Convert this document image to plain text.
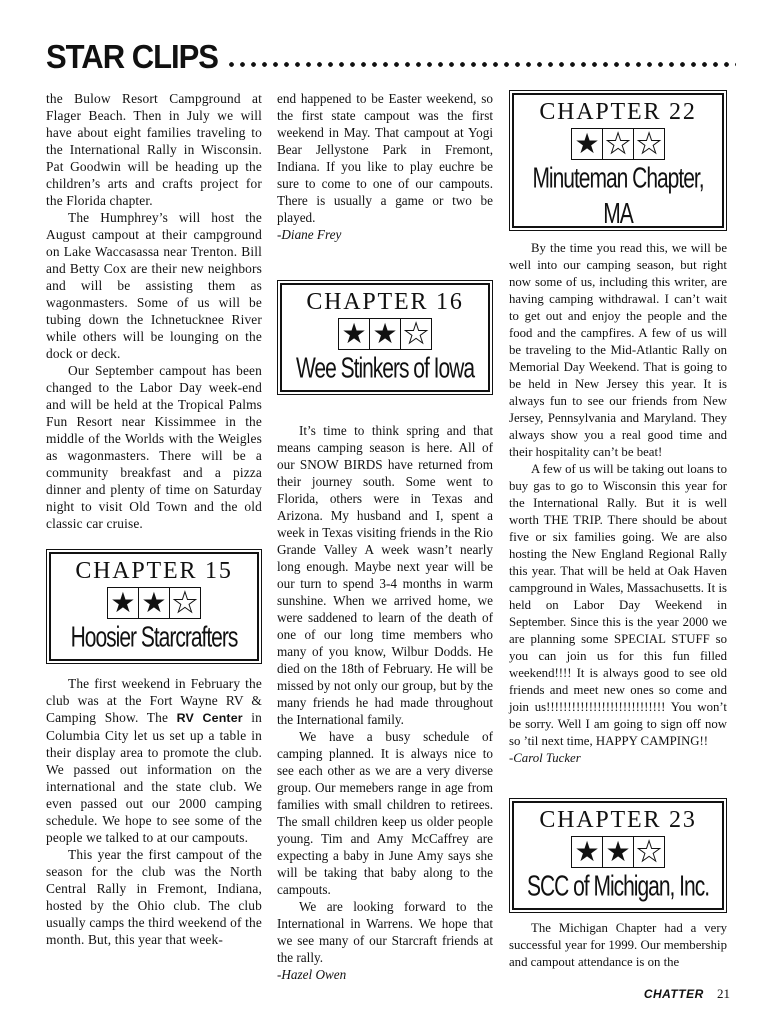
STAR CLIPS

the Bulow Resort Campground at Flager Beach. Then in July we will have about eight families traveling to the International Rally in Wisconsin. Pat Goodwin will be heading up the children’s arts and crafts project for the Florida chapter.

The Humphrey’s will host the August campout at their campground on Lake Waccasassa near Trenton. Bill and Betty Cox are their new neighbors and will be assisting them as wagonmasters. Some of us will be tubing down the Ichnetucknee River while others will be lounging on the dock or deck.

Our September campout has been changed to the Labor Day week-end and will be held at the Tropical Palms Fun Resort near Kissimmee in the middle of the Worlds with the Weigles as wagonmasters. There will be a community breakfast and a pizza dinner and plenty of time on Saturday night to visit Old Town and the old classic car cruise.

CHAPTER 15
★ ★ ★

Hoosier Starcrafters

The first weekend in February the club was at the Fort Wayne RV & Camping Show. The RV Center in Columbia City let us set up a table in their display area to promote the club. We passed out information on the international and the state club. We even passed out our 2000 camping schedule. We hope to see some of the people we talked to at our campouts.

This year the first campout of the season for the club was the North Central Rally in Fremont, Indiana, hosted by the Ohio club. The club usually camps the third weekend of the month. But, this year that week-

end happened to be Easter weekend, so the first state campout was the first weekend in May. That campout at Yogi Bear Jellystone Park in Fremont, Indiana. If you like to play euchre be sure to come to one of our campouts. There is usually a game or two be played.

-Diane Frey

CHAPTER 16
★ ★ ★

Wee Stinkers of Iowa

It’s time to think spring and that means camping season is here. All of our SNOW BIRDS have returned from their journey south. Some went to Florida, others were in Texas and Arizona. My husband and I, spent a week in Texas visiting friends in the Rio Grande Valley A week wasn’t nearly long enough. Maybe next year will be our turn to spend 3-4 months in warm sunshine. When we arrived home, we were saddened to learn of the death of one of our long time members who many of you know, Wilbur Dodds. He died on the 18th of February. He will be missed by not only our group, but by the many friends he had made throughout the International family.

We have a busy schedule of camping planned. It is always nice to see each other as we are a very diverse group. Our memebers range in age from families with small children to retirees. The small children keep us older people young. Tim and Amy McCaffrey are expecting a baby in June Amy says she will be taking that baby along to the campouts.

We are looking forward to the International in Warrens. We hope that we see many of our Starcraft friends at the rally.

-Hazel Owen

CHAPTER 22
★ ★ ★

Minuteman Chapter, MA

By the time you read this, we will be well into our camping season, but right now some of us, including this writer, are having camping withdrawal. I can’t wait to get out and enjoy the people and the food and the campfires. A few of us will be traveling to the Mid-Atlantic Rally on Memorial Day Weekend. That is going to be held in New Jersey this year. It is always fun to see our friends from New Jersey, Pennsylvania and Maryland. They always show you a real good time and their hospitality can’t be beat!

A few of us will be taking out loans to buy gas to go to Wisconsin this year for the International Rally. But it is well worth THE TRIP. There should be about five or six families going. We are also hosting the New England Regional Rally this year. That will be held at Oak Haven campground in Wales, Massachusetts. It is held on Labor Day Weekend in September. Since this is the year 2000 we are planning some SPECIAL STUFF so you can join us for this fun filled weekend!!!! It is always good to see old friends and meet new ones so come and join us!!!!!!!!!!!!!!!!!!!!!!!!!!!! You won’t be sorry. Well I am going to sign off now so ’til next time, HAPPY CAMPING!!

-Carol Tucker

CHAPTER 23
★ ★ ★

SCC of Michigan, Inc.

The Michigan Chapter had a very successful year for 1999. Our membership and campout attendance is on the

CHATTER 21
